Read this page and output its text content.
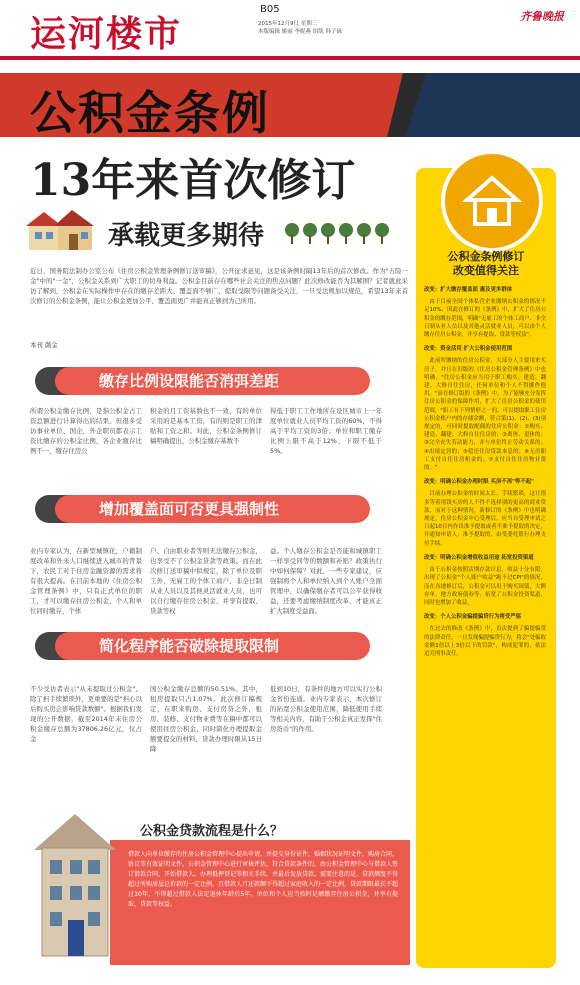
运河楼市
B05
2015年12月9日 星期三
本版编辑 姬丽 李妮燕 组版 韩子砾
齐鲁晚报
公积金条例
13年来首次修订
承载更多期待
近日，国务院法制办公室公布《住房公积金管理条例修订送审稿》，公开征求意见，这是该条例时隔13年后的首次修改。作为"五险一金"中的"一金"，公积金关系到广大职工的切身利益。公积金目前存在哪些社会关注的焦点问题？此次修改能否为其解围？记者就此采访了解到，公积金在实际操作中存在的缴存差距大、覆盖面不够广、提取受限等问题备受关注，一旦受法规加以规范，希望13年来首次修订的公积金条例，能让公积金更加公平、覆盖面更广并能真正够到为己所用。
本刊 颜金
缴存比例设限能否消弭差距
所谓公积金缴存比例，是指公积金占工资总额进行计算得出的结果。但很多受访事业单位、国企，外企职员都表示工资比缴存的公积金比例，各企业缴存比例不一，缴存住房公
积金的月工资基数也不一致，有的单位采用的是基本工资，有的则是职工的津贴和工资之和。对此，公积金条例修订稿明确提出，公积金缴存基数不
得低于职工工作地所在设区城市上一年度单位就业人员平均工资的60%，不得高于平均工资的3倍；单位和职工缴存比例上限不高于12%，下限不低于5%。
增加覆盖面可否更具强制性
业内专家认为，在新型城镇化，户籍制度改革和外来人口继续进入城市的背景下，农民工对于住房金融资源的需求将有很大提高。在目前本地的《住房公积金管理条例》中，只有正式单位的职工，才可以缴存住房公积金，个人和单位同时缴存，个体
户、自由职业者等则无法缴存公积金，也享受不了公积金贷款等政策。而在此次修订送审稿中拟规定，除了单位及职工外，无雇工的个体工商户、非全日制从业人员以及其他灵活就业人员，也可以自行缴存住房公积金，并享有提取、贷款等权
益。个人缴存公积金是否能和城镇职工一样享受同等的数额和补贴？政策执行中如何保障？对此，一些专家建议，应强制将个人和单位纳入到个人账户全面管理中，以确保缴存者可以公平获得收益，还要考虑缴纳制度改革，才能真正扩大制度受益面。
简化程序能否破除提取限制
不少受访者表示"从未提取过公积金"。除了担手续繁琐外，更重要的是"担心以后购买房会影响贷款数额"。根据我们发现的公开数据，截至2014年末住房公积金缴存总额为37806.26亿元，仅占金
国公积金缴存总额的50.51%。其中，租房提取只占1.07%。此次修订稿规定，在职来购房、支付房贷之外，租房、装修、支付物业费等在稿中都可以使用住房公积金，同时简化办理提取金额要提交的材料，贷款办理时限从15日降
低到10日，有条件的地方可以实行公积金省份连通。业内专家表示，本次修订的拓宽公积金使用范围，降低使用手续等相关内容，有助于公积金真正发挥"住房货币"的作用。
公积金条例修订
改变值得关注

改变：扩大缴存覆盖面 惠及更多群体

由于目前全国个体私营企业缴纳公积金的情况不足10%，因此在修订的《条例》中，扩大了住房公积金的缴存范围，明确"无雇工的个体工商户、非全日制从业人员以及其他灵活就业人员，可以由个人缴存住房公积金，并享有提取、贷款等权益"。

改变：资金活用 扩大公积金使用范围

此前所缴纳的住房公积金，大部分人主要用来买房子，并且在旧版的《住房公积金管理条例》中也明确，"住房公积金应当用于职工购买、建造、翻建、大修自住住房，任何单位和个人不得挪作他用。"而在修订版的《条例》中，为了能够充分发挥住房公积金的保障作用，扩大了住房公积金的使用范围，"职工有下列情形之一的，可以提取职工住房公积金账户内的存储余额，符合第(1)、(2)、(3)项规定的，可同时提取配偶的住房公积金：①购买、建造、翻建、大修自住住房的；②离休、退休的；③完全丧失劳动能力，并与单位终止劳动关系的；④出境定居的；⑤偿还住房贷款本息的；⑥无房职工支付自住住房租金的；⑦支付自住住房物业费的。"

改变：明确公积金办理时限 买房不再"等不起"

目前办理公积金的时间太长，手续繁琐，这让很多等着用钱买房的人不得不选择别的更高的商业贷款，而对于这种情况，新修订的《条例》中也明确规定，住房公积金中心受理后，应当自受理申请之日起10日内作出准予提取或者不准予提取的决定，并通知申请人；准予提取的，由受委托银行办理支付手续。

改变：明确公积金增值收益用途 拓宽投资渠道

由于公积金按照活期存款计息，收益十分有限，出现了公积金"个人账户收益"跑不过CPI"的情况，而在各地修订后，公积金可以用于购买国债，大额存单，地方政府债券等，拓宽了公积金投资渠道，同时也增加了收益。

改变：个人公积金骗提骗贷行为将受严惩

在过去的修改《条例》中，首次提到了骗提骗贷的法律责任，一旦发现骗提骗贷行为，将会"处骗取金额1倍以上3倍以下的罚款"，构成犯罪的，依法追究刑事责任。

公积金贷款流程是什么？
借款人向单位缴存的住房公积金管理中心提出申请，并提交身份证件，婚姻状况证明文件，购房合同，协议等有效证明文件。公积金管理中心进行审核评估，符合贷款条件的，由公积金管理中心与借款人签订借款合同，开始借款人。办理抵押登记等相关手续，并最后发放贷款。需要注意的是，贷款额度不得超过所购房屋总价款的一定比例，且借款人月还款额不得超过家庭收入的一定比例，贷款期限最长不超过30年，不得超过借款人法定退休年龄后5年。单位和个人应当按时足额缴存住房公积金，并享有提取、贷款等权益。
